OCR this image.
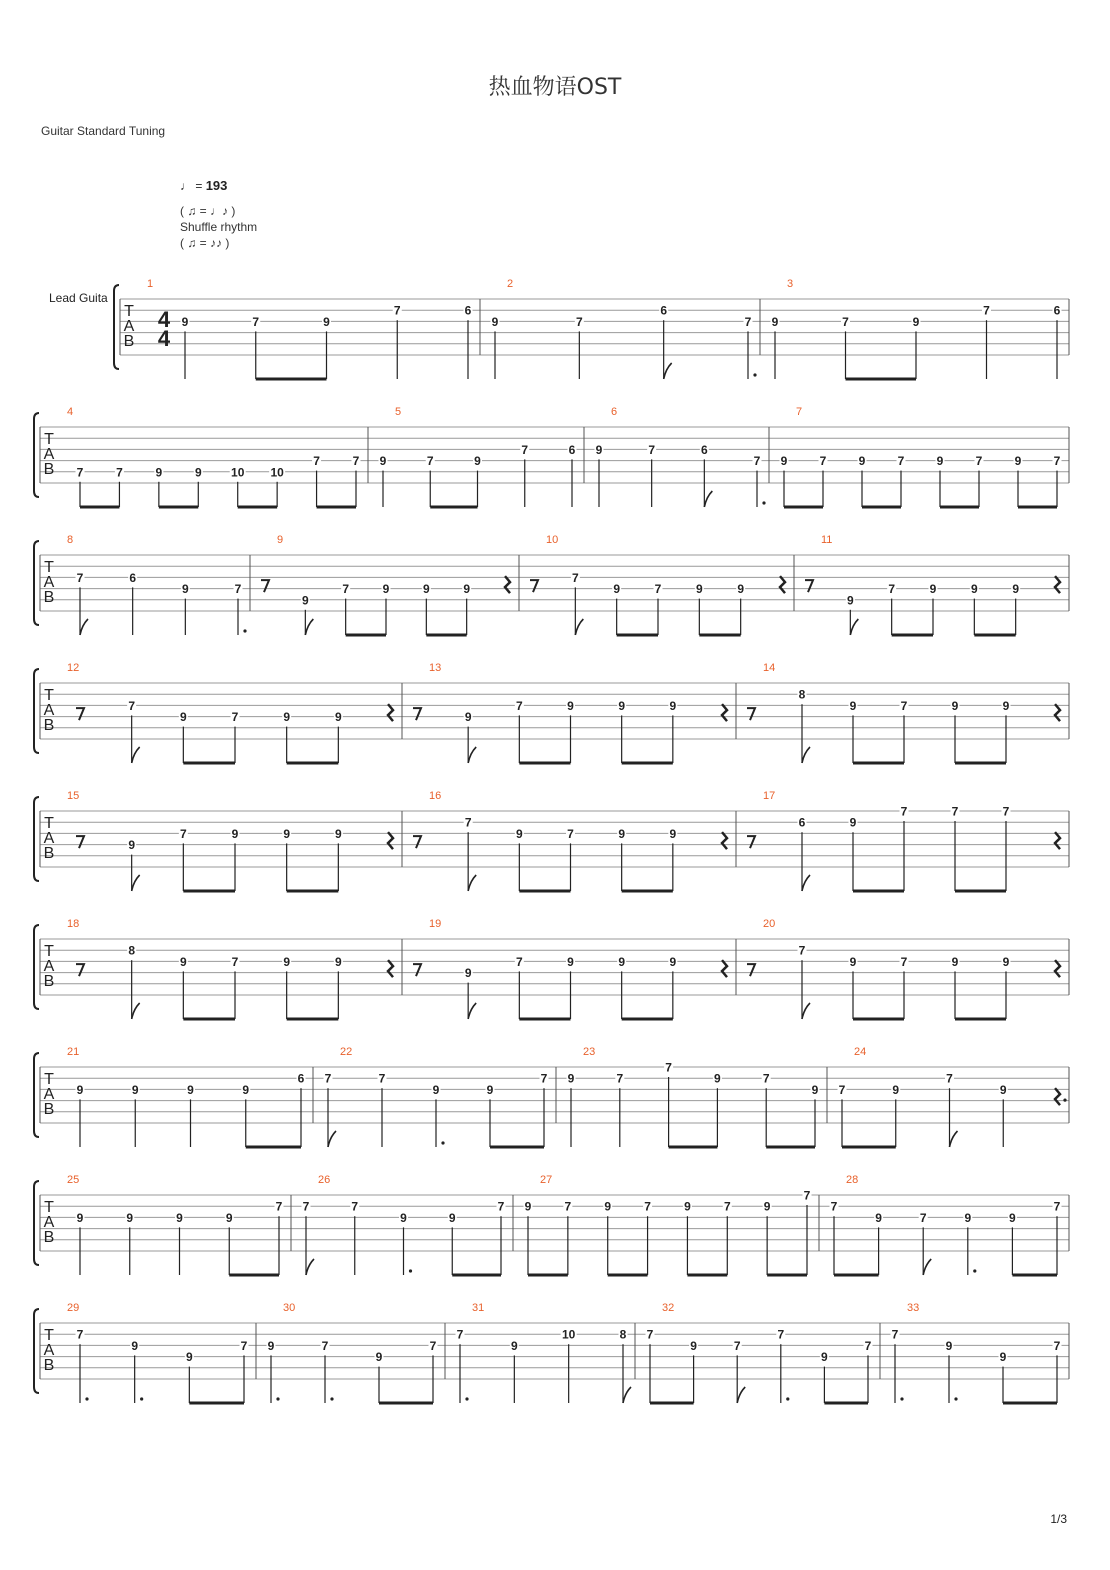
热血物语OST
Guitar Standard Tuning
♩ = 193
( ♫ = ♩♪ )
Shuffle rhythm
( ♫ = ♪♪ )
Lead Guita
T
A
B
4
4
1
9	7	9
7	6
2
9	7
6
7
3
9	7	9
7	6
T
A
B
4
7	7	9	9 10 10
7	7
5
9	7	9
7	6
6
9	7	6
7
7
9	7	9	7	9	7	9	7
T
A
B
8
7	6
9	7
9
9
7	9	9	9
10
7
9	7	9	9
11
9
7	9	9	9
T
A
B
12
7
9	7	9	9
13
9
7	9	9	9
14
8
9	7	9	9
T
A
B
15
9
7	9	9	9
16
7
9	7	9	9
17
6	9
7	7	7
T
A
B
18
8
9	7	9	9
19
9
7	9	9	9
20
7
9	7	9	9
T
A
B
21
9	9	9	9
6
22
7	7
9	9
7
23
9	7
7
9	7
9
24
7	9
7
9
T
A
B
25
9	9	9	9
7
26
7	7
9	9
7
27
9	7	9	7	9	7	9
7
28
7
9	7	9	9
7
T
A
B
29
7
9
9
7
30
9	7
9
7
31
7
9
10	8
32
7
9	7
7
9
7
33
7
9
9
7
1/3
